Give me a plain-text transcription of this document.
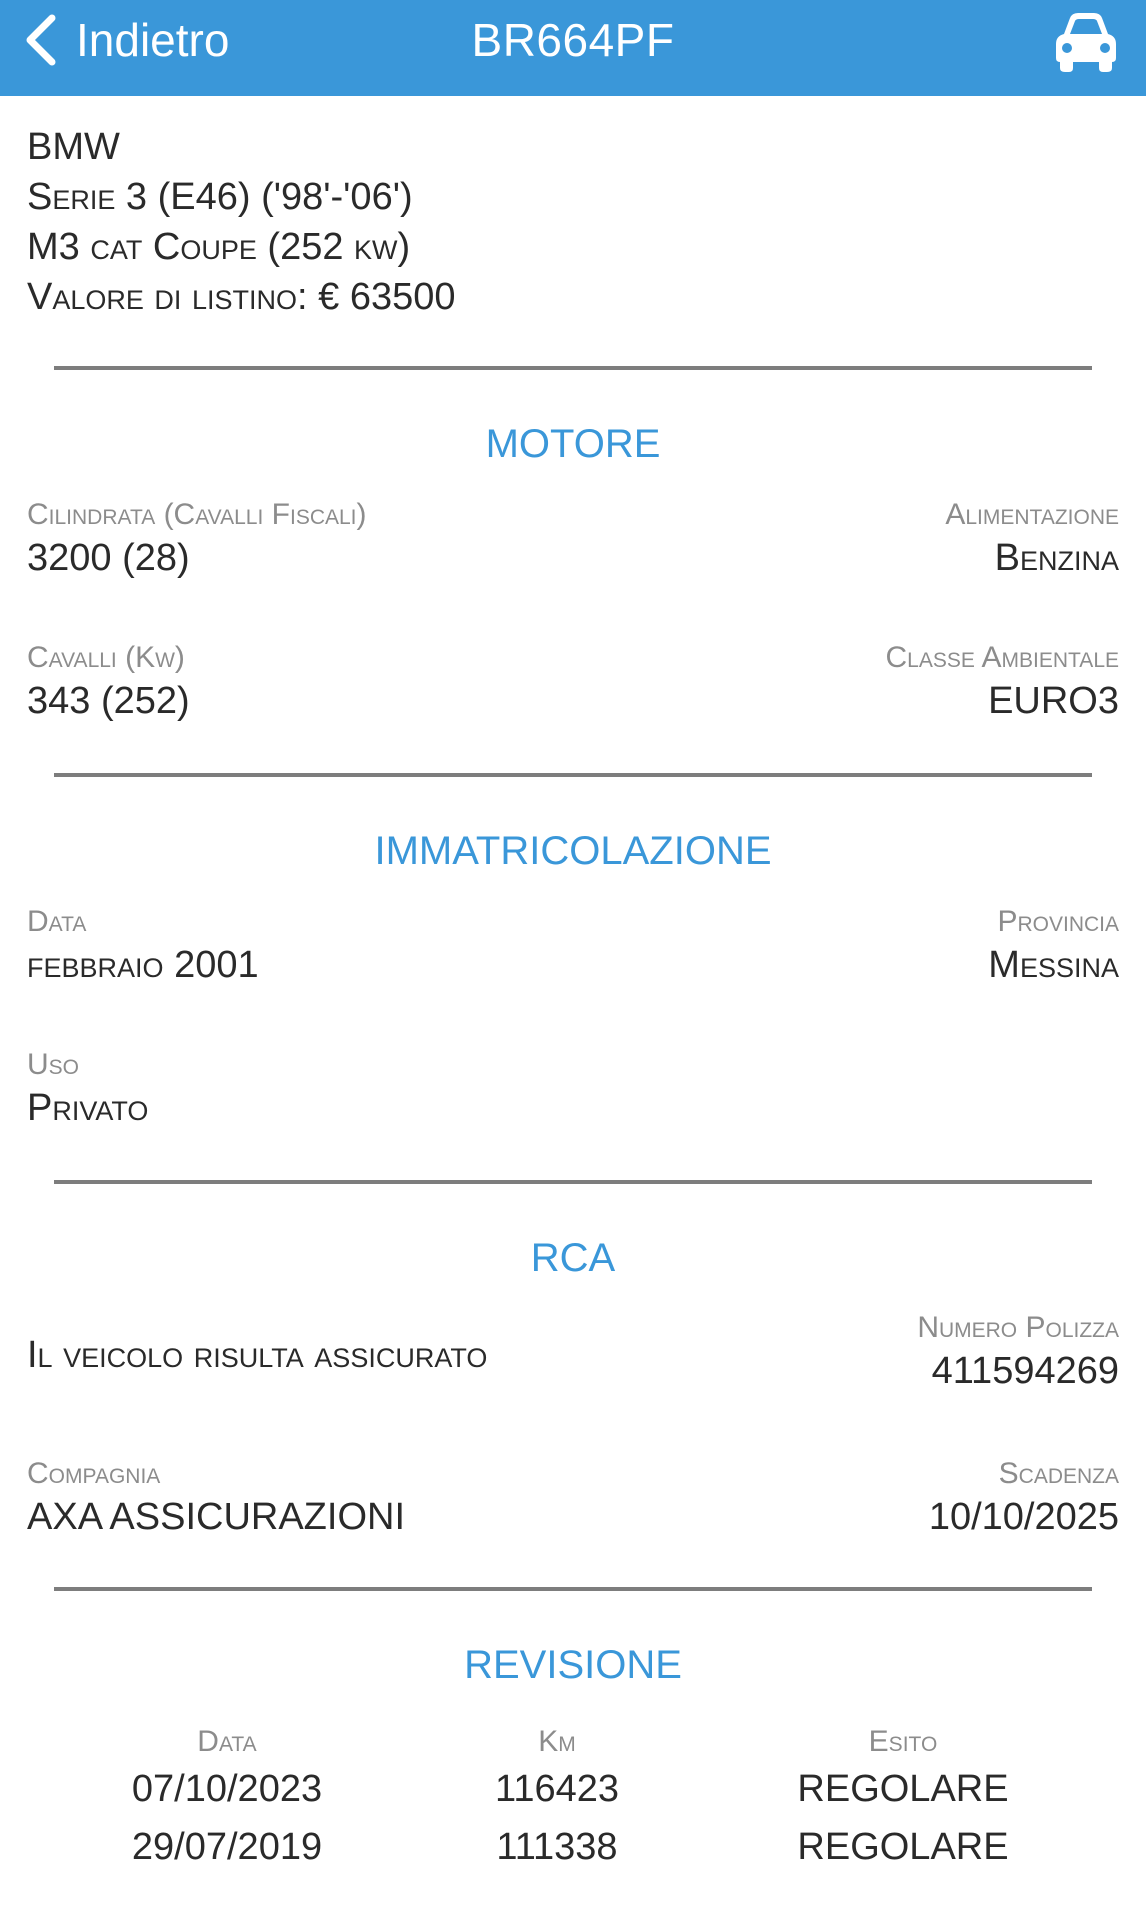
Indietro	BR664PF
BMW
Serie 3 (E46) ('98'-'06')
M3 cat Coupe (252 kw)
Valore di listino: € 63500
MOTORE
Cilindrata (Cavalli Fiscali)
3200 (28)
Alimentazione
Benzina
Cavalli (Kw)
343 (252)
Classe Ambientale
EURO3
IMMATRICOLAZIONE
Data
febbraio 2001
Provincia
Messina
Uso
Privato
RCA
Il veicolo risulta assicurato
Numero Polizza
411594269
Compagnia
AXA ASSICURAZIONI
Scadenza
10/10/2025
REVISIONE
Data
07/10/2023
29/07/2019
Km
116423
111338
Esito
REGOLARE
REGOLARE
